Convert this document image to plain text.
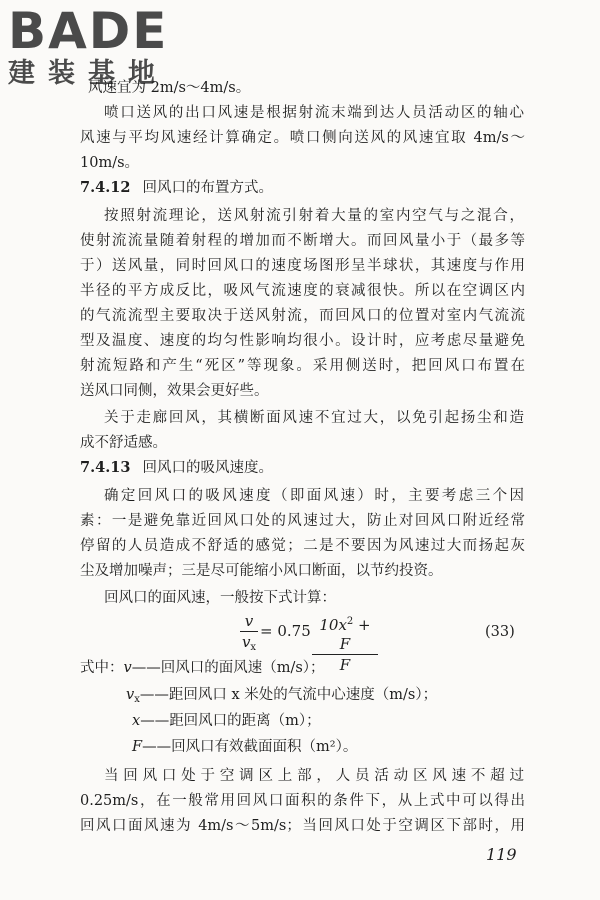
BADE
建装基地
风速宜为 2m/s～4m/s。
喷口送风的出口风速是根据射流末端到达人员活动区的轴心
风速与平均风速经计算确定。喷口侧向送风的风速宜取 4m/s～
10m/s。
7.4.12 回风口的布置方式。
按照射流理论，送风射流引射着大量的室内空气与之混合，
使射流流量随着射程的增加而不断增大。而回风量小于（最多等
于）送风量，同时回风口的速度场图形呈半球状，其速度与作用
半径的平方成反比，吸风气流速度的衰减很快。所以在空调区内
的气流流型主要取决于送风射流，而回风口的位置对室内气流流
型及温度、速度的均匀性影响均很小。设计时，应考虑尽量避免
射流短路和产生“死区”等现象。采用侧送时，把回风口布置在
送风口同侧，效果会更好些。
关于走廊回风，其横断面风速不宜过大，以免引起扬尘和造
成不舒适感。
7.4.13 回风口的吸风速度。
确定回风口的吸风速度（即面风速）时，主要考虑三个因
素：一是避免靠近回风口处的风速过大，防止对回风口附近经常
停留的人员造成不舒适的感觉；二是不要因为风速过大而扬起灰
尘及增加噪声；三是尽可能缩小风口断面，以节约投资。
回风口的面风速，一般按下式计算：
$\frac{v}{v_x} = 0.75 \frac{10x^2 + F}{F}$	(33)
式中：v——回风口的面风速（m/s）；
$v_x——$距回风口 x 米处的气流中心速度（m/s）；
x——距回风口的距离（m）；
F——回风口有效截面面积（m²）。
当回风口处于空调区上部，人员活动区风速不超过
0.25m/s，在一般常用回风口面积的条件下，从上式中可以得出
回风口面风速为 4m/s～5m/s；当回风口处于空调区下部时，用
119
